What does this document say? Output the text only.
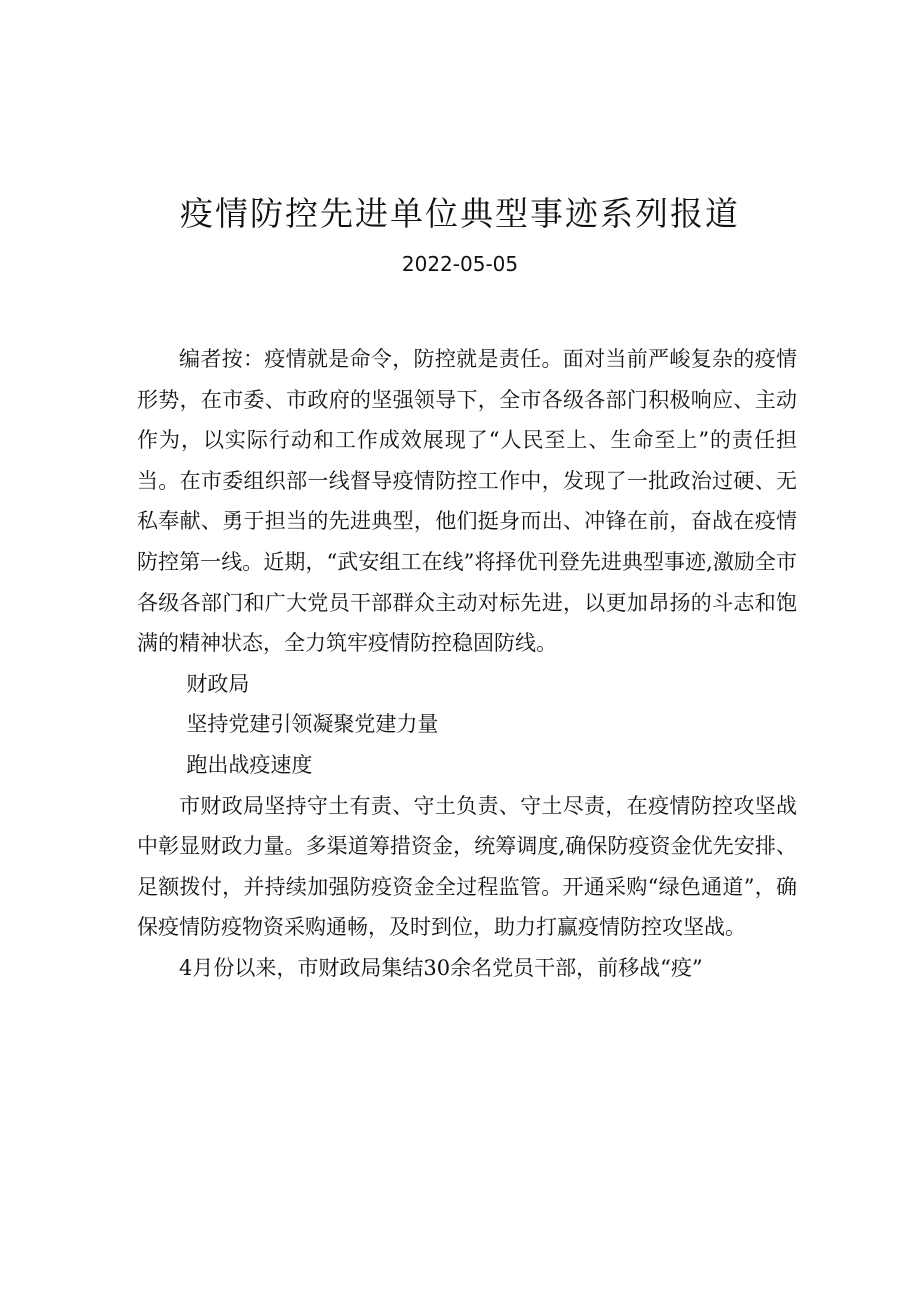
疫情防控先进单位典型事迹系列报道
2022-05-05

编者按：疫情就是命令，防控就是责任。面对当前严峻复杂的疫情形势，在市委、市政府的坚强领导下，全市各级各部门积极响应、主动作为，以实际行动和工作成效展现了“人民至上、生命至上”的责任担当。在市委组织部一线督导疫情防控工作中，发现了一批政治过硬、无私奉献、勇于担当的先进典型，他们挺身而出、冲锋在前，奋战在疫情防控第一线。近期，“武安组工在线”将择优刊登先进典型事迹,激励全市各级各部门和广大党员干部群众主动对标先进，以更加昂扬的斗志和饱满的精神状态，全力筑牢疫情防控稳固防线。

财政局

坚持党建引领凝聚党建力量

跑出战疫速度

市财政局坚持守土有责、守土负责、守土尽责，在疫情防控攻坚战中彰显财政力量。多渠道筹措资金，统筹调度,确保防疫资金优先安排、足额拨付，并持续加强防疫资金全过程监管。开通采购“绿色通道”，确保疫情防疫物资采购通畅，及时到位，助力打赢疫情防控攻坚战。

4月份以来，市财政局集结30余名党员干部，前移战“疫”
